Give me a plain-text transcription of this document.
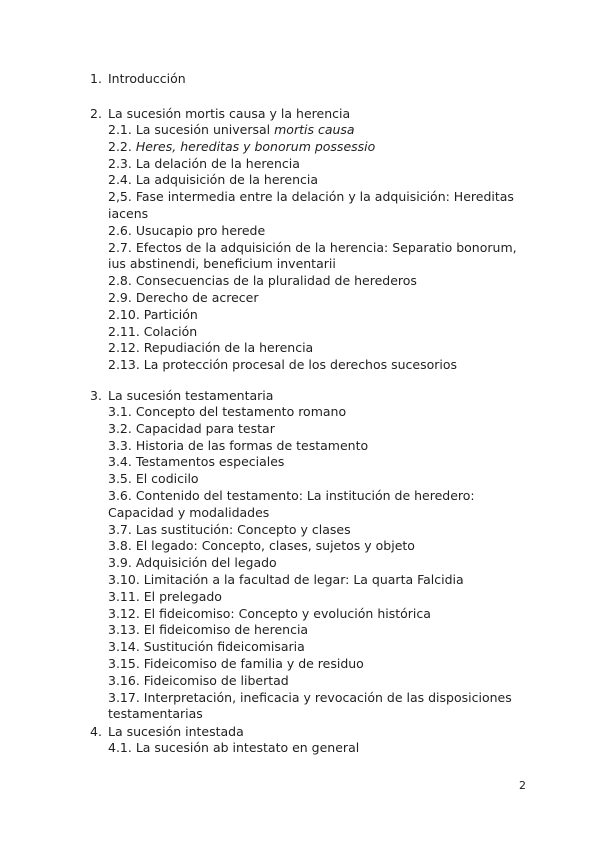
1. Introducción
2. La sucesión mortis causa y la herencia
2.1. La sucesión universal mortis causa
2.2. Heres, hereditas y bonorum possessio
2.3. La delación de la herencia
2.4. La adquisición de la herencia
2,5. Fase intermedia entre la delación y la adquisición: Hereditas iacens
2.6. Usucapio pro herede
2.7. Efectos de la adquisición de la herencia: Separatio bonorum, ius abstinendi, beneficium inventarii
2.8. Consecuencias de la pluralidad de herederos
2.9. Derecho de acrecer
2.10. Partición
2.11. Colación
2.12. Repudiación de la herencia
2.13. La protección procesal de los derechos sucesorios
3. La sucesión testamentaria
3.1. Concepto del testamento romano
3.2. Capacidad para testar
3.3. Historia de las formas de testamento
3.4. Testamentos especiales
3.5. El codicilo
3.6. Contenido del testamento: La institución de heredero: Capacidad y modalidades
3.7. Las sustitución: Concepto y clases
3.8. El legado: Concepto, clases, sujetos y objeto
3.9. Adquisición del legado
3.10. Limitación a la facultad de legar: La quarta Falcidia
3.11. El prelegado
3.12. El fideicomiso: Concepto y evolución histórica
3.13. El fideicomiso de herencia
3.14. Sustitución fideicomisaria
3.15. Fideicomiso de familia y de residuo
3.16. Fideicomiso de libertad
3.17. Interpretación, ineficacia y revocación de las disposiciones testamentarias
4. La sucesión intestada
4.1. La sucesión ab intestato en general
2
